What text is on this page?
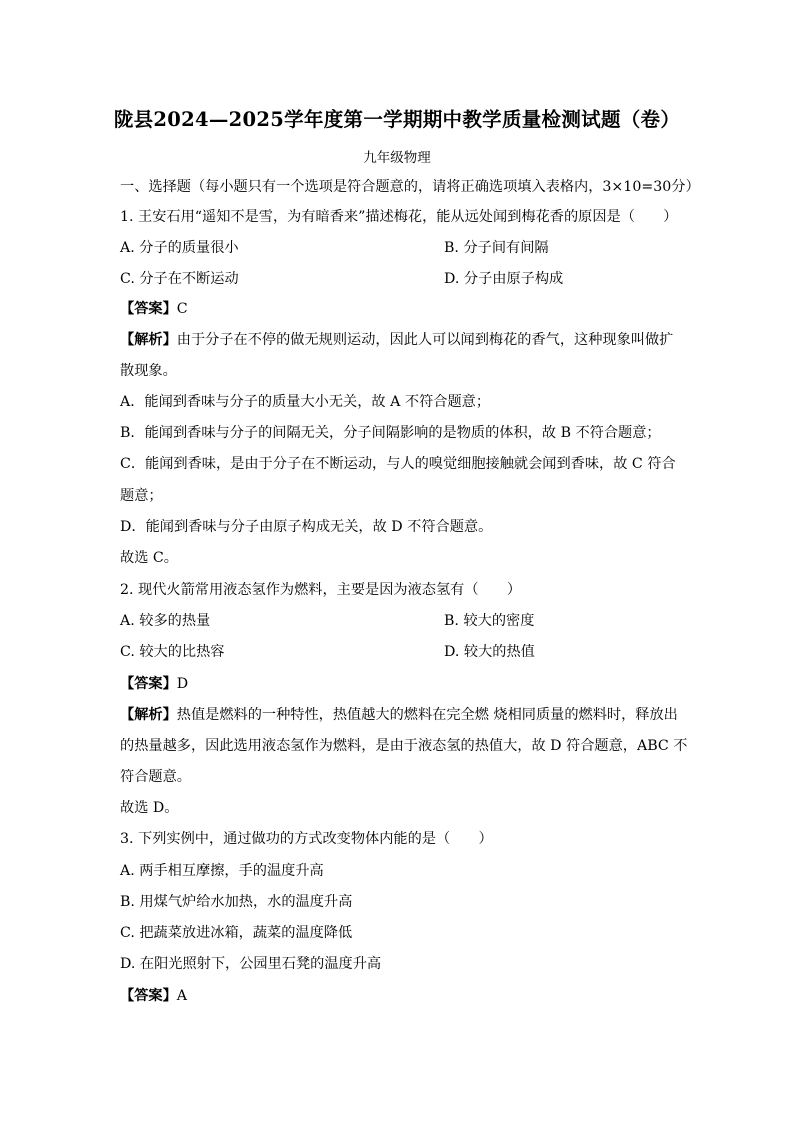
陇县2024—2025学年度第一学期期中教学质量检测试题（卷）
九年级物理
一、选择题（每小题只有一个选项是符合题意的，请将正确选项填入表格内，3×10=30分）
1. 王安石用“遥知不是雪，为有暗香来”描述梅花，能从远处闻到梅花香的原因是（　　）
A. 分子的质量很小	B. 分子间有间隔
C. 分子在不断运动	D. 分子由原子构成
【答案】C
【解析】由于分子在不停的做无规则运动，因此人可以闻到梅花的香气，这种现象叫做扩
散现象。
A．能闻到香味与分子的质量大小无关，故 A 不符合题意；
B．能闻到香味与分子的间隔无关，分子间隔影响的是物质的体积，故 B 不符合题意；
C．能闻到香味，是由于分子在不断运动，与人的嗅觉细胞接触就会闻到香味，故 C 符合
题意；
D．能闻到香味与分子由原子构成无关，故 D 不符合题意。
故选 C。
2. 现代火箭常用液态氢作为燃料，主要是因为液态氢有（　　）
A. 较多的热量	B. 较大的密度
C. 较大的比热容	D. 较大的热值
【答案】D
【解析】热值是燃料的一种特性，热值越大的燃料在完全燃 烧相同质量的燃料时，释放出
的热量越多，因此选用液态氢作为燃料，是由于液态氢的热值大，故 D 符合题意，ABC 不
符合题意。
故选 D。
3. 下列实例中，通过做功的方式改变物体内能的是（　　）
A. 两手相互摩擦，手的温度升高
B. 用煤气炉给水加热，水的温度升高
C. 把蔬菜放进冰箱，蔬菜的温度降低
D. 在阳光照射下，公园里石凳的温度升高
【答案】A
